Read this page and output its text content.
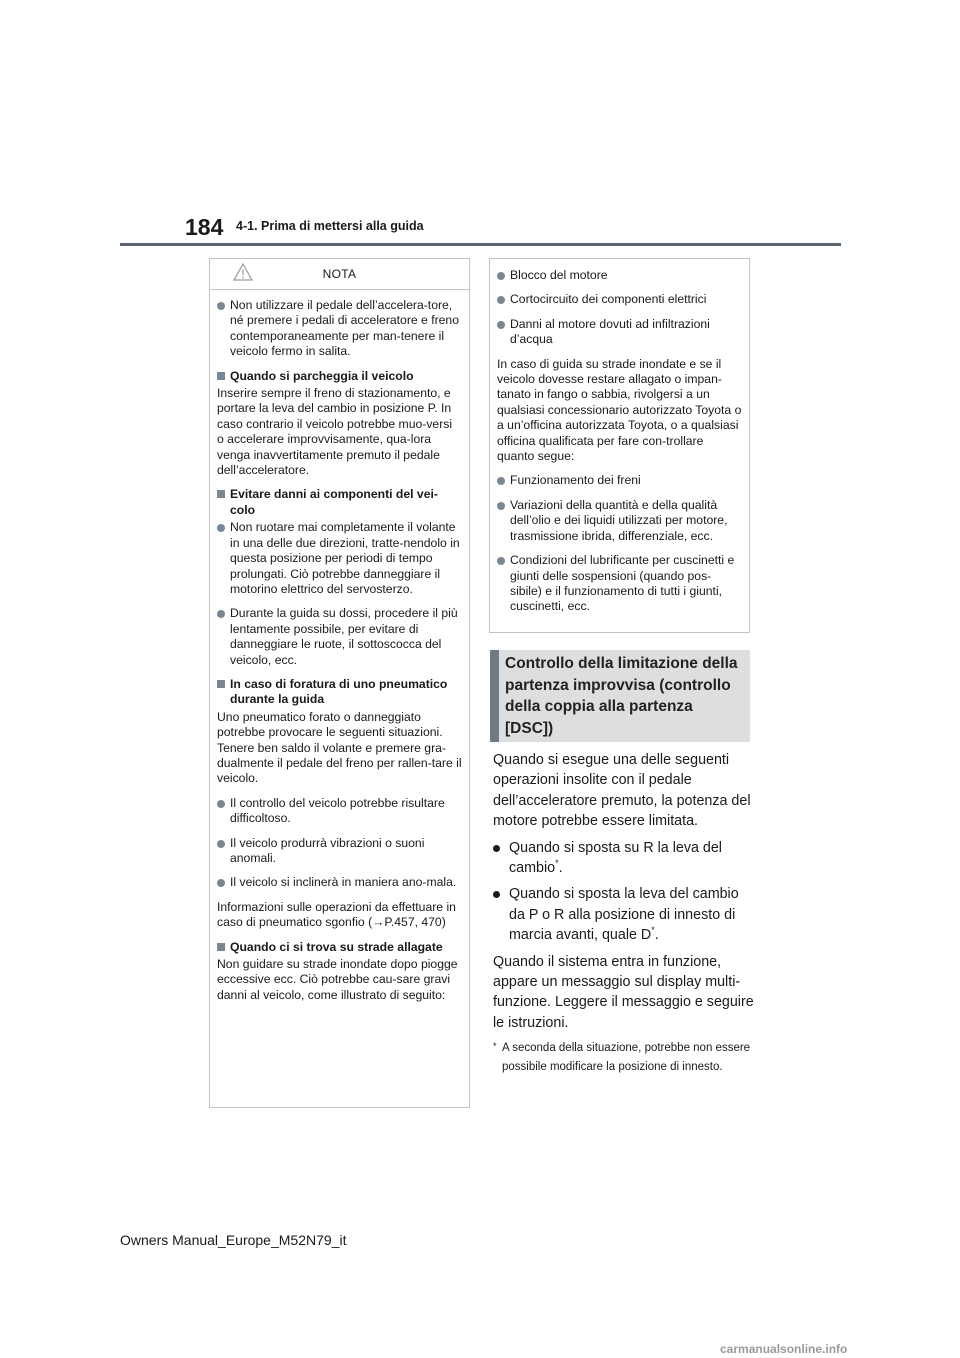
184 4-1. Prima di mettersi alla guida
NOTA
Non utilizzare il pedale dell’accelera-tore, né premere i pedali di acceleratore e freno contemporaneamente per man-tenere il veicolo fermo in salita.
Quando si parcheggia il veicolo
Inserire sempre il freno di stazionamento, e portare la leva del cambio in posizione P. In caso contrario il veicolo potrebbe muo-versi o accelerare improvvisamente, qua-lora venga inavvertitamente premuto il pedale dell’acceleratore.
Evitare danni ai componenti del vei-colo
Non ruotare mai completamente il volante in una delle due direzioni, tratte-nendolo in questa posizione per periodi di tempo prolungati. Ciò potrebbe danneggiare il motorino elettrico del servosterzo.
Durante la guida su dossi, procedere il più lentamente possibile, per evitare di danneggiare le ruote, il sottoscocca del veicolo, ecc.
In caso di foratura di uno pneumatico durante la guida
Uno pneumatico forato o danneggiato potrebbe provocare le seguenti situazioni. Tenere ben saldo il volante e premere gra-dualmente il pedale del freno per rallen-tare il veicolo.
Il controllo del veicolo potrebbe risultare difficoltoso.
Il veicolo produrrà vibrazioni o suoni anomali.
Il veicolo si inclinerà in maniera ano-mala.
Informazioni sulle operazioni da effettuare in caso di pneumatico sgonfio (→P.457, 470)
Quando ci si trova su strade allagate
Non guidare su strade inondate dopo piogge eccessive ecc. Ciò potrebbe cau-sare gravi danni al veicolo, come illustrato di seguito:
Blocco del motore
Cortocircuito dei componenti elettrici
Danni al motore dovuti ad infiltrazioni d’acqua
In caso di guida su strade inondate e se il veicolo dovesse restare allagato o impan-tanato in fango o sabbia, rivolgersi a un qualsiasi concessionario autorizzato Toyota o a un’officina autorizzata Toyota, o a qualsiasi officina qualificata per fare con-trollare quanto segue:
Funzionamento dei freni
Variazioni della quantità e della qualità dell’olio e dei liquidi utilizzati per motore, trasmissione ibrida, differenziale, ecc.
Condizioni del lubrificante per cuscinetti e giunti delle sospensioni (quando pos-sibile) e il funzionamento di tutti i giunti, cuscinetti, ecc.
Controllo della limitazione della
partenza improvvisa (controllo
della coppia alla partenza
[DSC])

Quando si esegue una delle seguenti operazioni insolite con il pedale dell’acceleratore premuto, la potenza del motore potrebbe essere limitata.

Quando si sposta su R la leva del cambio*.
Quando si sposta la leva del cambio da P o R alla posizione di innesto di marcia avanti, quale D*.

Quando il sistema entra in funzione, appare un messaggio sul display multi-funzione. Leggere il messaggio e seguire le istruzioni.

* A seconda della situazione, potrebbe non essere possibile modificare la posizione di innesto.
Owners Manual_Europe_M52N79_it
carmanualsonline.info
